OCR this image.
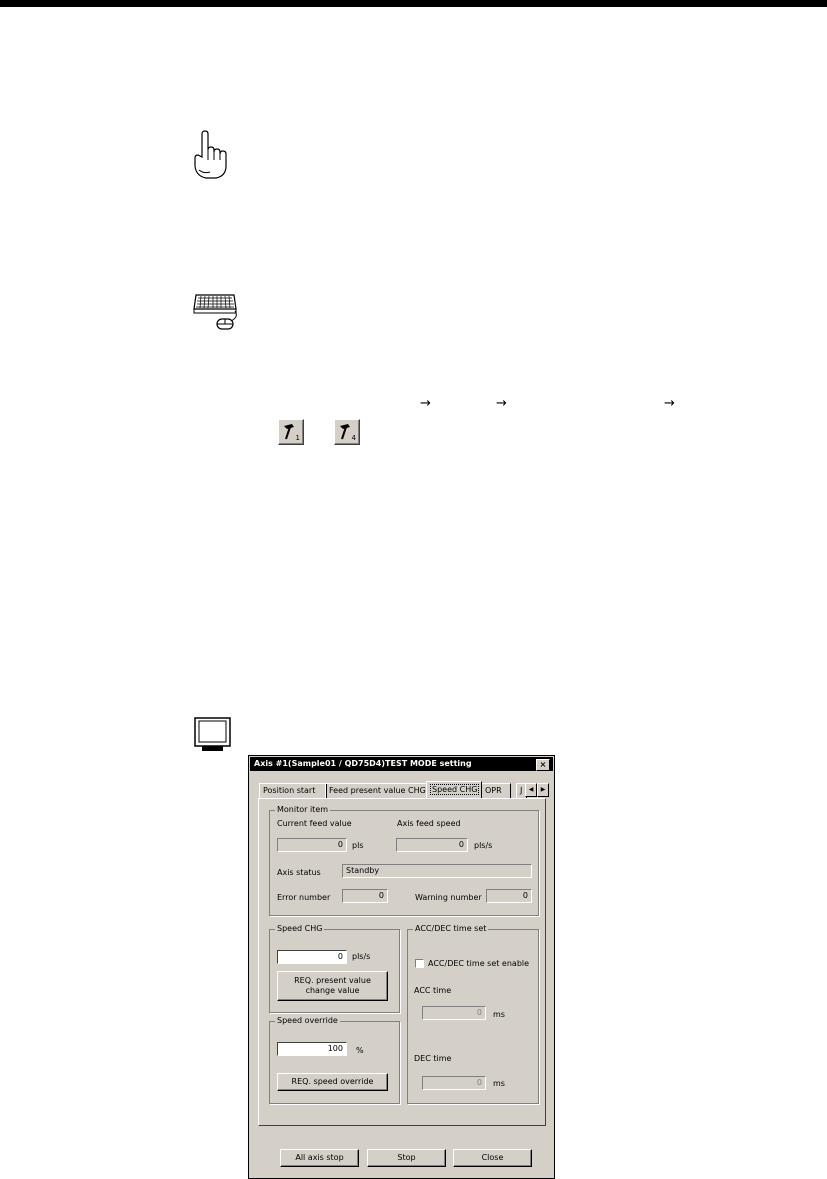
→	→	→
1	4
Axis #1(Sample01 / QD75D4)TEST MODE setting	×
Position start	Feed present value CHG Speed CHG OPR	J	◀	▶
Monitor item
Current feed value
0	pls
Axis feed speed
0	pls/s
Axis status	Standby
Error number	0	Warning number	0
Speed CHG
0	pls/s
REQ. present value
change value
Speed override
100	%
REQ. speed override
ACC/DEC time set
ACC/DEC time set enable
ACC time
0	ms
DEC time
0	ms
All axis stop	Stop	Close
